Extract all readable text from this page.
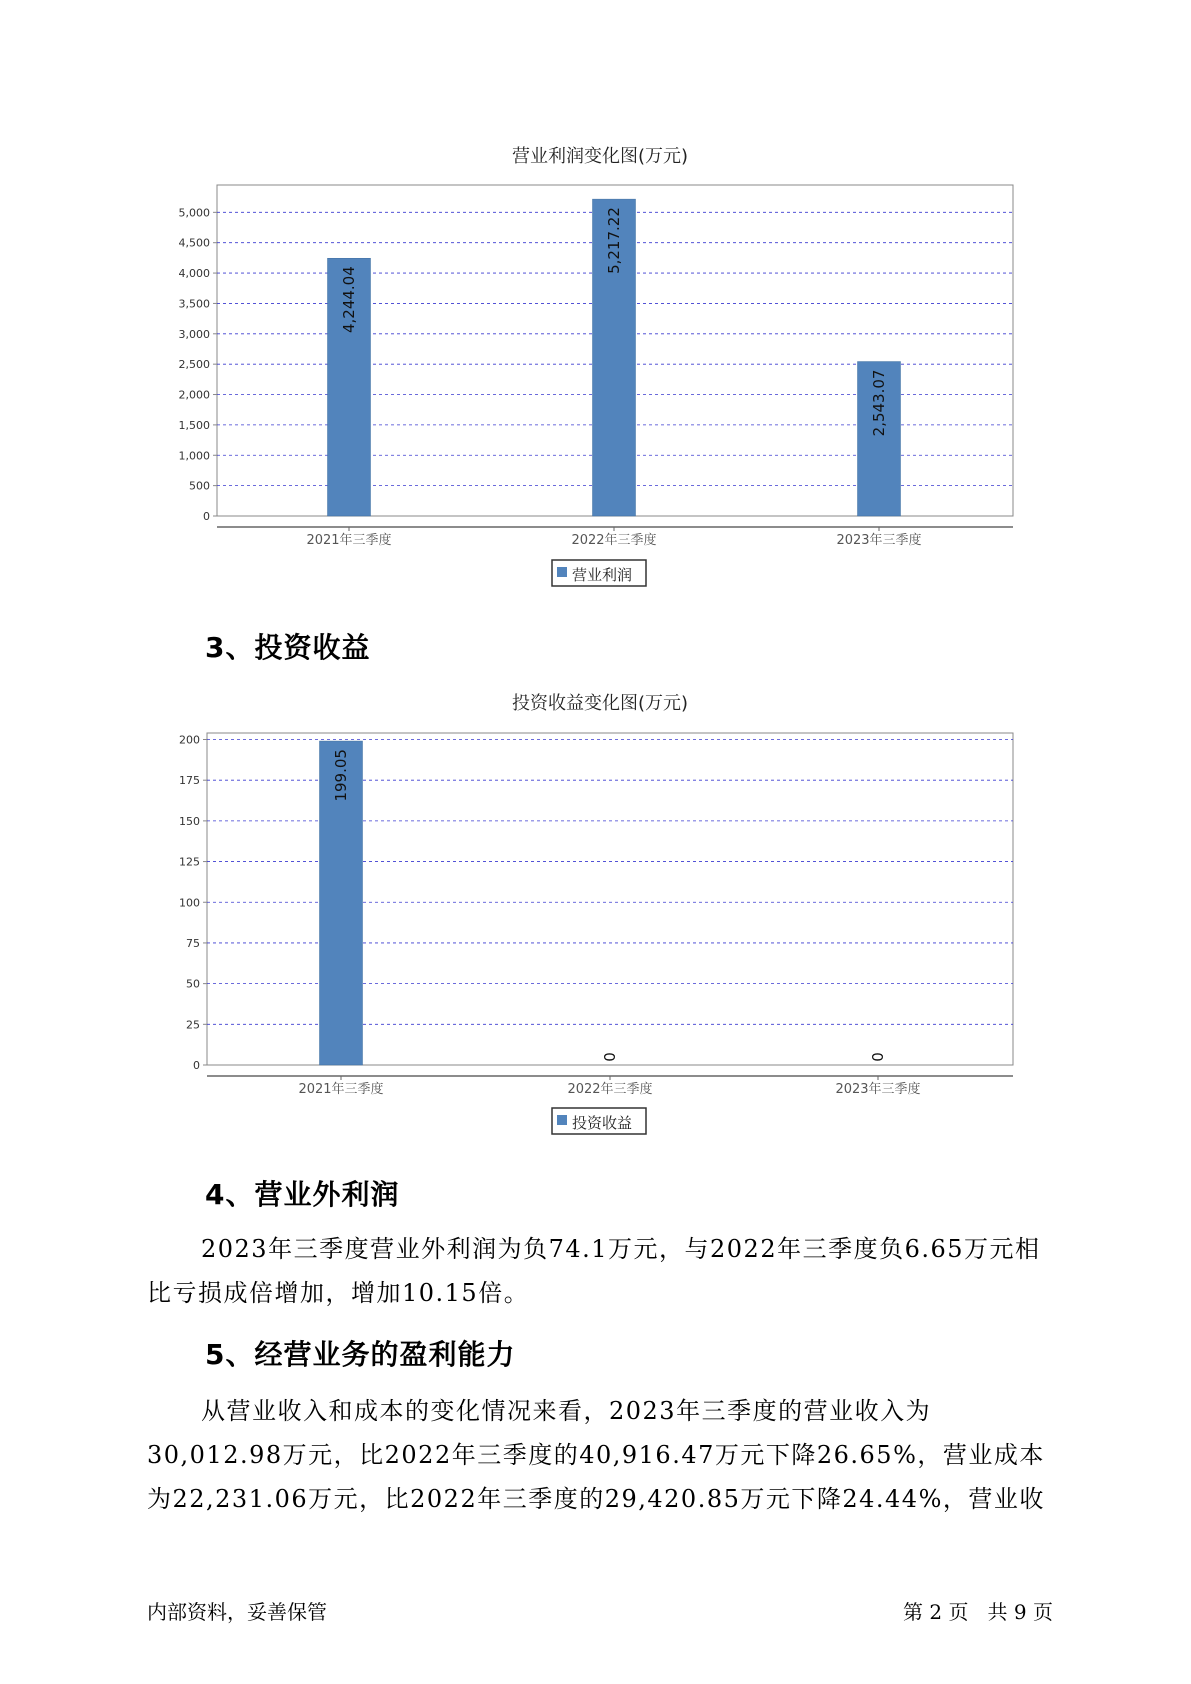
营业利润变化图(万元)
4,244.04
5,217.22
2,543.07
0
500
1,000
1,500
2,000
2,500
3,000
3,500
4,000
4,500
5,000
2021年三季度	2022年三季度	2023年三季度
营业利润
3、投资收益
投资收益变化图(万元)
199.05
0	0
0
25
50
75
100
125
150
175
200
2021年三季度	2022年三季度	2023年三季度
投资收益
4、营业外利润

2023年三季度营业外利润为负74.1万元，与2022年三季度负6.65万元相比亏损成倍增加，增加10.15倍。

5、经营业务的盈利能力

从营业收入和成本的变化情况来看，2023年三季度的营业收入为30,012.98万元，比2022年三季度的40,916.47万元下降26.65%，营业成本为22,231.06万元，比2022年三季度的29,420.85万元下降24.44%，营业收

内部资料，妥善保管	第 2 页   共 9 页
